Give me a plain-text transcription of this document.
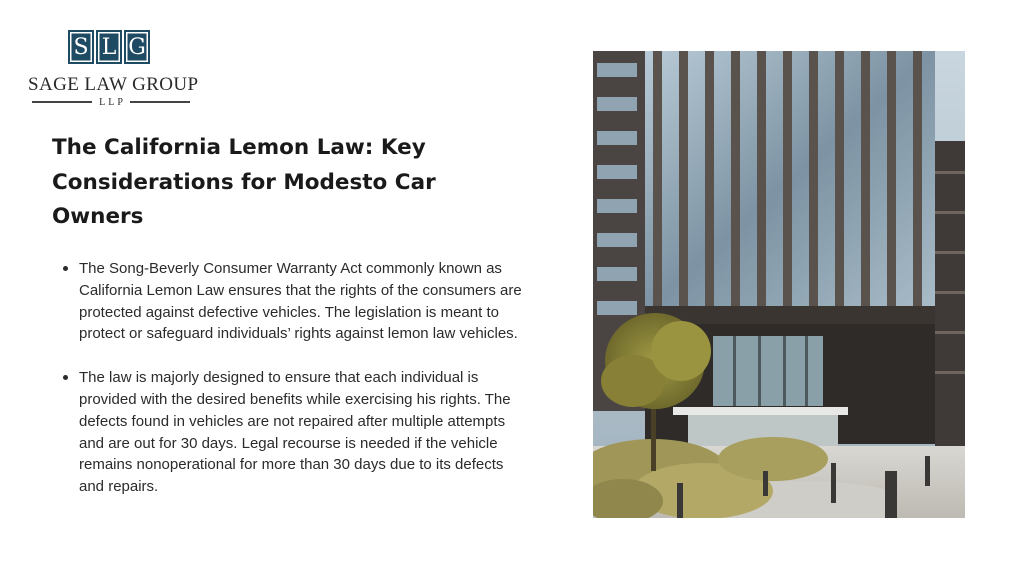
S L G
SAGE LAW GROUP
LLP
The California Lemon Law: Key Considerations for Modesto Car Owners
The Song-Beverly Consumer Warranty Act commonly known as California Lemon Law ensures that the rights of the consumers are protected against defective vehicles. The legislation is meant to protect or safeguard individuals’ rights against lemon law vehicles.
The law is majorly designed to ensure that each individual is provided with the desired benefits while exercising his rights. The defects found in vehicles are not repaired after multiple attempts and are out for 30 days. Legal recourse is needed if the vehicle remains nonoperational for more than 30 days due to its defects and repairs.
